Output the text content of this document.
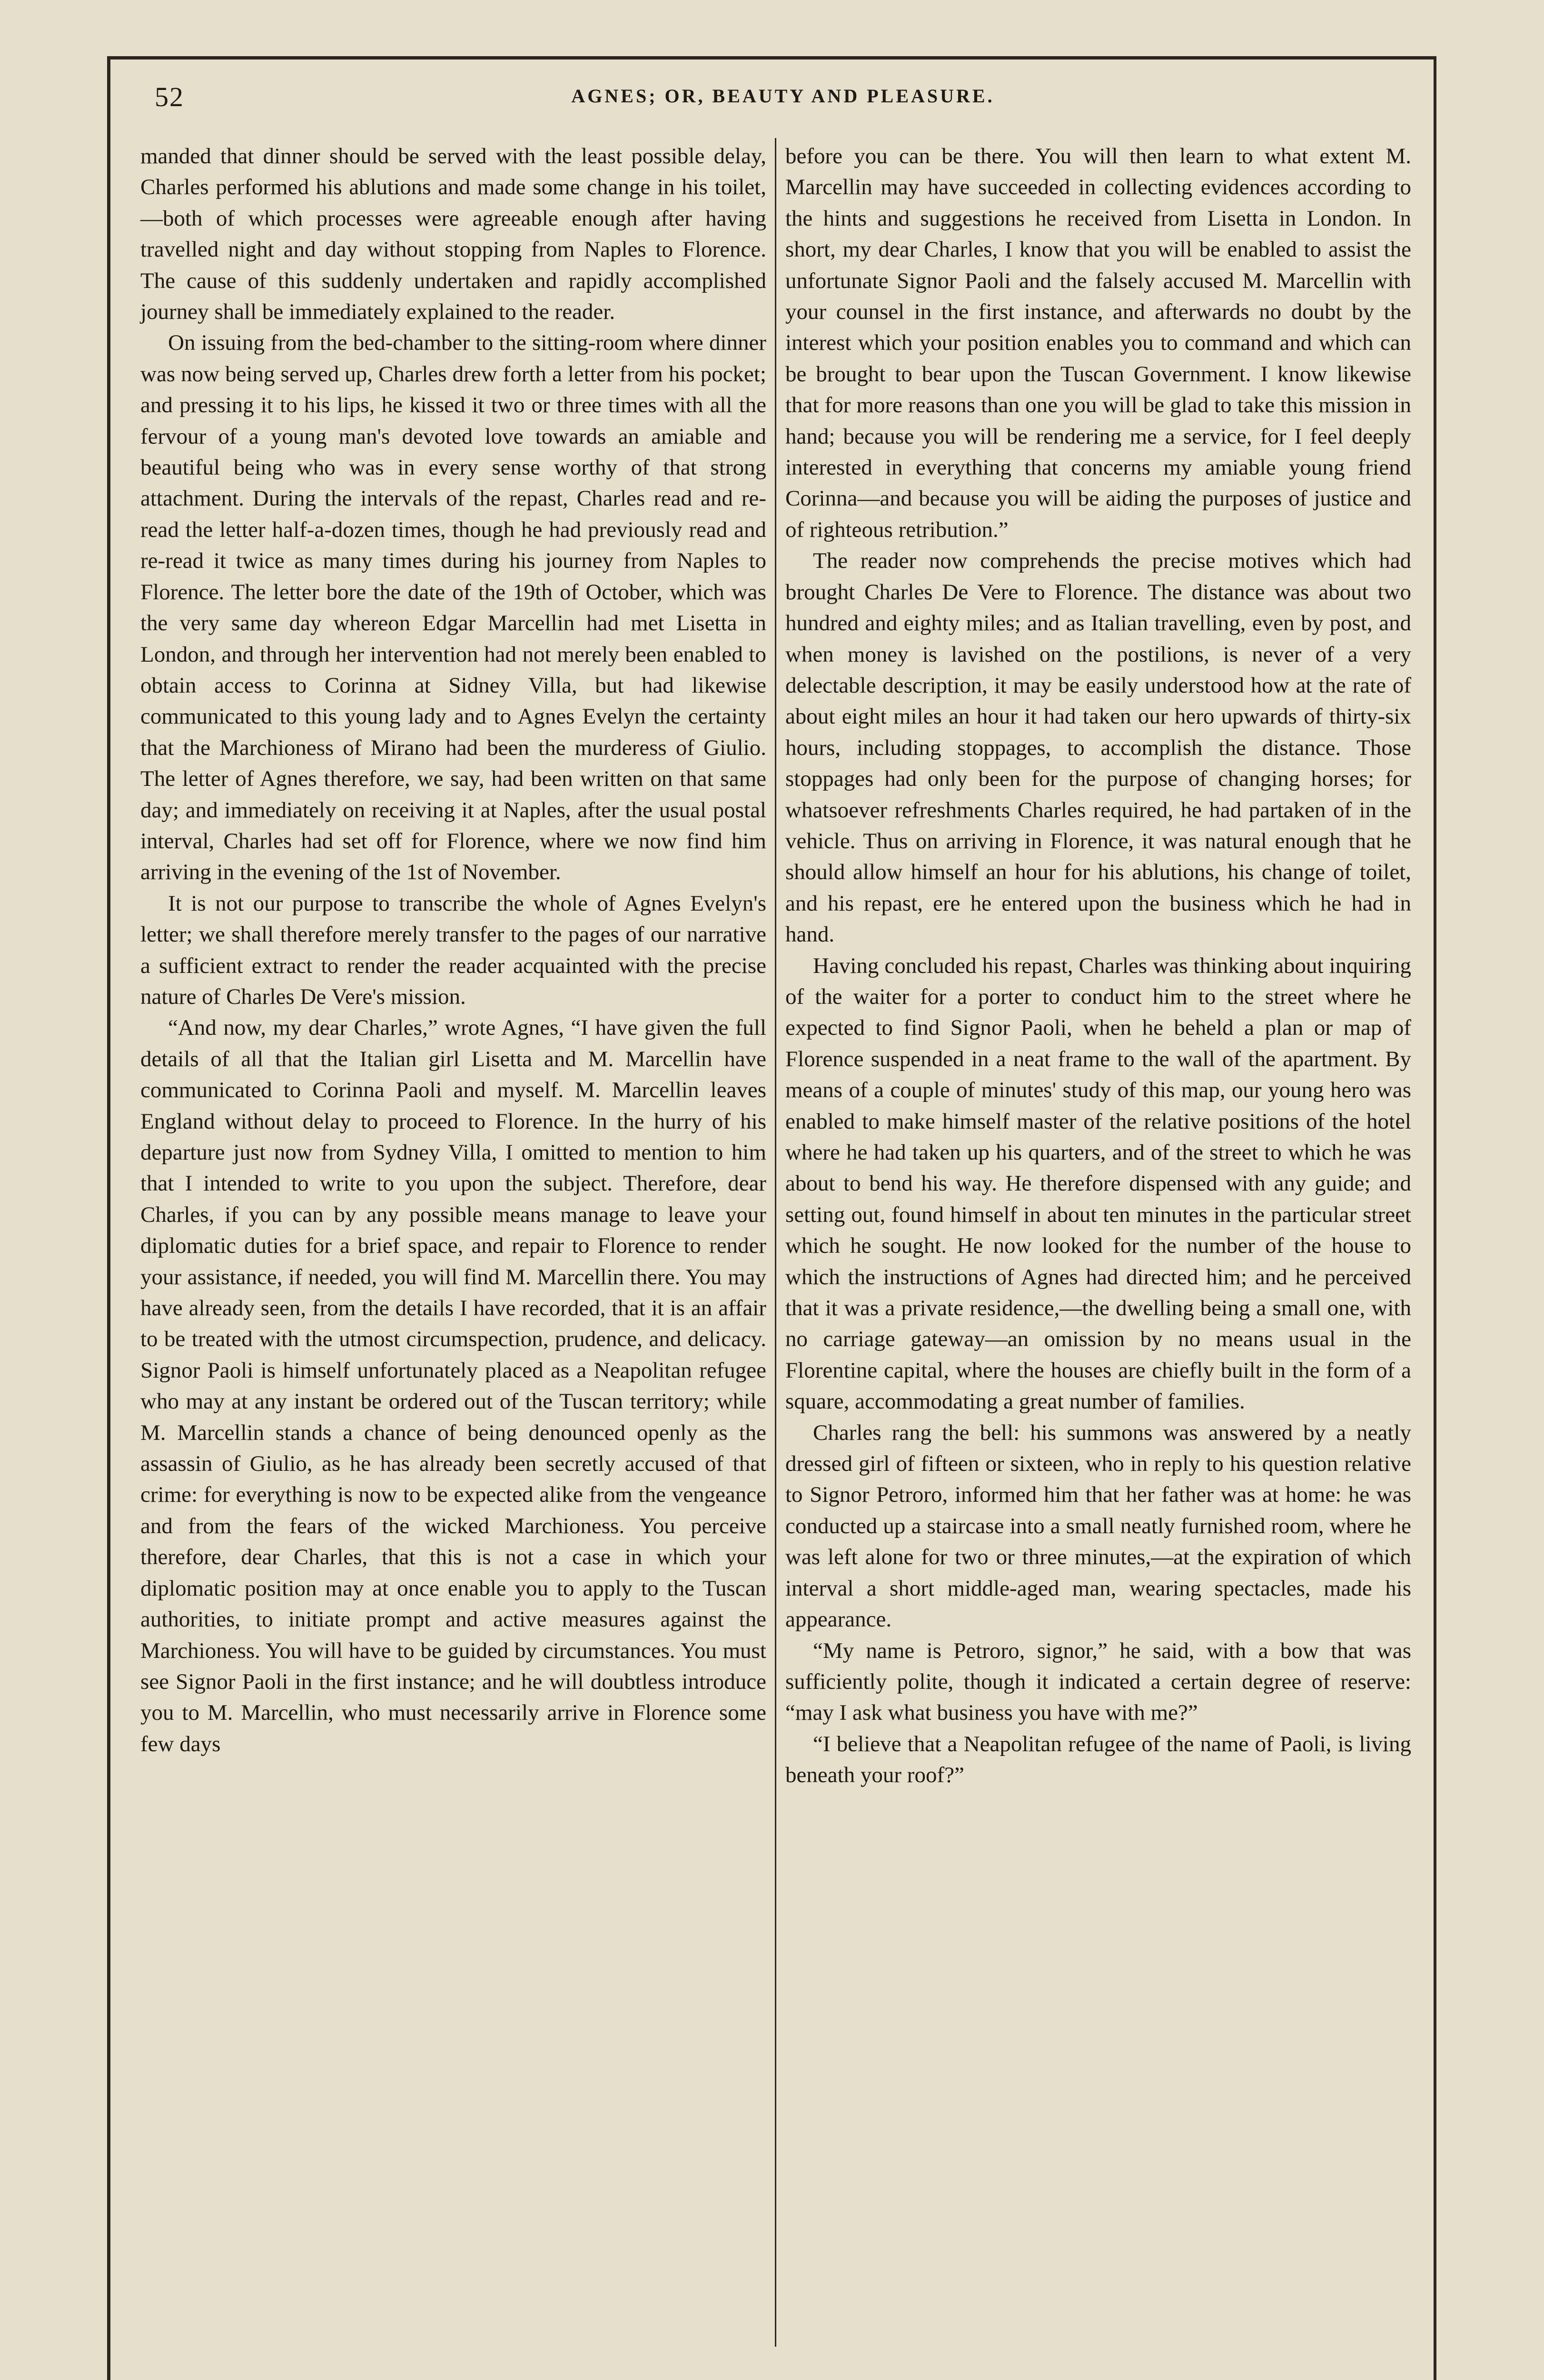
52	AGNES; OR, BEAUTY AND PLEASURE.

manded that dinner should be served with the least possible delay, Charles performed his ablutions and made some change in his toilet,—both of which processes were agreeable enough after having travelled night and day without stopping from Naples to Florence. The cause of this suddenly undertaken and rapidly accomplished journey shall be immediately explained to the reader.

On issuing from the bed-chamber to the sitting-room where dinner was now being served up, Charles drew forth a letter from his pocket; and pressing it to his lips, he kissed it two or three times with all the fervour of a young man's devoted love towards an amiable and beautiful being who was in every sense worthy of that strong attachment. During the intervals of the repast, Charles read and re-read the letter half-a-dozen times, though he had previously read and re-read it twice as many times during his journey from Naples to Florence. The letter bore the date of the 19th of October, which was the very same day whereon Edgar Marcellin had met Lisetta in London, and through her intervention had not merely been enabled to obtain access to Corinna at Sidney Villa, but had likewise communicated to this young lady and to Agnes Evelyn the certainty that the Marchioness of Mirano had been the murderess of Giulio. The letter of Agnes therefore, we say, had been written on that same day; and immediately on receiving it at Naples, after the usual postal interval, Charles had set off for Florence, where we now find him arriving in the evening of the 1st of November.

It is not our purpose to transcribe the whole of Agnes Evelyn's letter; we shall therefore merely transfer to the pages of our narrative a sufficient extract to render the reader acquainted with the precise nature of Charles De Vere's mission.

“And now, my dear Charles,” wrote Agnes, “I have given the full details of all that the Italian girl Lisetta and M. Marcellin have communicated to Corinna Paoli and myself. M. Marcellin leaves England without delay to proceed to Florence. In the hurry of his departure just now from Sydney Villa, I omitted to mention to him that I intended to write to you upon the subject. Therefore, dear Charles, if you can by any possible means manage to leave your diplomatic duties for a brief space, and repair to Florence to render your assistance, if needed, you will find M. Marcellin there. You may have already seen, from the details I have recorded, that it is an affair to be treated with the utmost circumspection, prudence, and delicacy. Signor Paoli is himself unfortunately placed as a Neapolitan refugee who may at any instant be ordered out of the Tuscan territory; while M. Marcellin stands a chance of being denounced openly as the assassin of Giulio, as he has already been secretly accused of that crime: for everything is now to be expected alike from the vengeance and from the fears of the wicked Marchioness. You perceive therefore, dear Charles, that this is not a case in which your diplomatic position may at once enable you to apply to the Tuscan authorities, to initiate prompt and active measures against the Marchioness. You will have to be guided by circumstances. You must see Signor Paoli in the first instance; and he will doubtless introduce you to M. Marcellin, who must necessarily arrive in Florence some few days

before you can be there. You will then learn to what extent M. Marcellin may have succeeded in collecting evidences according to the hints and suggestions he received from Lisetta in London. In short, my dear Charles, I know that you will be enabled to assist the unfortunate Signor Paoli and the falsely accused M. Marcellin with your counsel in the first instance, and afterwards no doubt by the interest which your position enables you to command and which can be brought to bear upon the Tuscan Government. I know likewise that for more reasons than one you will be glad to take this mission in hand; because you will be rendering me a service, for I feel deeply interested in everything that concerns my amiable young friend Corinna—and because you will be aiding the purposes of justice and of righteous retribution.”

The reader now comprehends the precise motives which had brought Charles De Vere to Florence. The distance was about two hundred and eighty miles; and as Italian travelling, even by post, and when money is lavished on the postilions, is never of a very delectable description, it may be easily understood how at the rate of about eight miles an hour it had taken our hero upwards of thirty-six hours, including stoppages, to accomplish the distance. Those stoppages had only been for the purpose of changing horses; for whatsoever refreshments Charles required, he had partaken of in the vehicle. Thus on arriving in Florence, it was natural enough that he should allow himself an hour for his ablutions, his change of toilet, and his repast, ere he entered upon the business which he had in hand.

Having concluded his repast, Charles was thinking about inquiring of the waiter for a porter to conduct him to the street where he expected to find Signor Paoli, when he beheld a plan or map of Florence suspended in a neat frame to the wall of the apartment. By means of a couple of minutes' study of this map, our young hero was enabled to make himself master of the relative positions of the hotel where he had taken up his quarters, and of the street to which he was about to bend his way. He therefore dispensed with any guide; and setting out, found himself in about ten minutes in the particular street which he sought. He now looked for the number of the house to which the instructions of Agnes had directed him; and he perceived that it was a private residence,—the dwelling being a small one, with no carriage gateway—an omission by no means usual in the Florentine capital, where the houses are chiefly built in the form of a square, accommodating a great number of families.

Charles rang the bell: his summons was answered by a neatly dressed girl of fifteen or sixteen, who in reply to his question relative to Signor Petroro, informed him that her father was at home: he was conducted up a staircase into a small neatly furnished room, where he was left alone for two or three minutes,—at the expiration of which interval a short middle-aged man, wearing spectacles, made his appearance.

“My name is Petroro, signor,” he said, with a bow that was sufficiently polite, though it indicated a certain degree of reserve: “may I ask what business you have with me?”

“I believe that a Neapolitan refugee of the name of Paoli, is living beneath your roof?”
